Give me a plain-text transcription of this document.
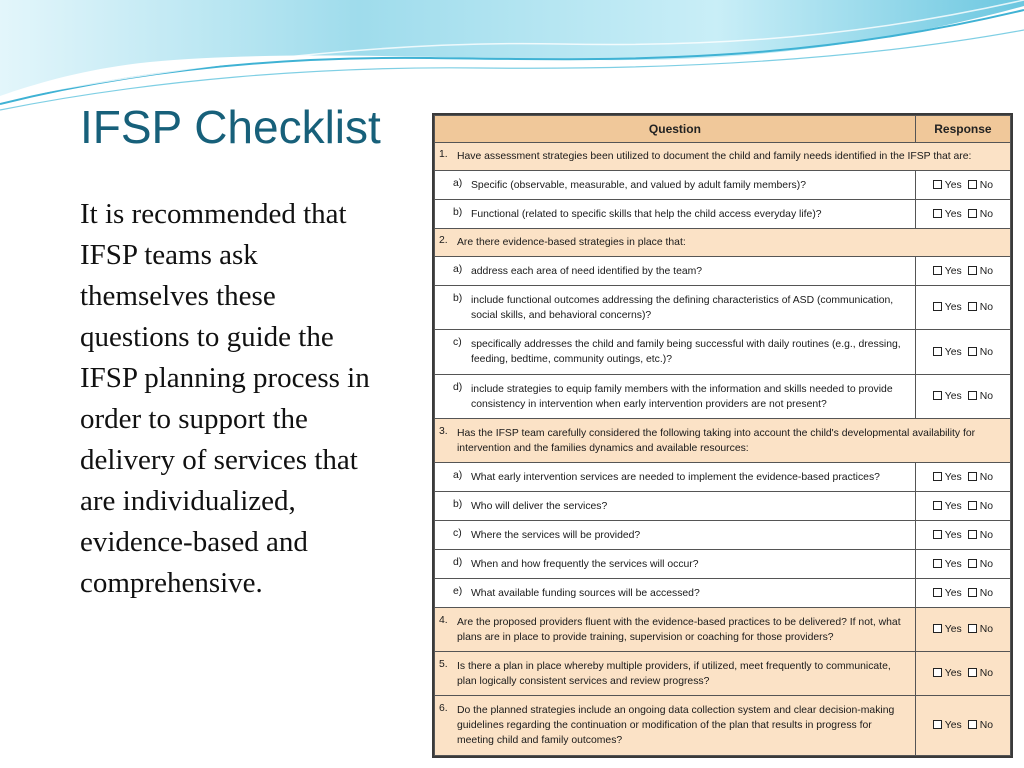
IFSP Checklist

It is recommended that IFSP teams ask themselves these questions to guide the IFSP planning process in order to support the delivery of services that are individualized, evidence-based and comprehensive.

Question	Response

1. Have assessment strategies been utilized to document the child and family needs identified in the IFSP that are:	

a) Specific (observable, measurable, and valued by adult family members)?	Yes No

b) Functional (related to specific skills that help the child access everyday life)?	Yes No

2. Are there evidence-based strategies in place that:	

a) address each area of need identified by the team?	Yes No

b) include functional outcomes addressing the defining characteristics of ASD (communication, social skills, and behavioral concerns)?	Yes No

c) specifically addresses the child and family being successful with daily routines (e.g., dressing, feeding, bedtime, community outings, etc.)?	Yes No

d) include strategies to equip family members with the information and skills needed to provide consistency in intervention when early intervention providers are not present?	Yes No

3. Has the IFSP team carefully considered the following taking into account the child's developmental availability for intervention and the families dynamics and available resources:	

a) What early intervention services are needed to implement the evidence-based practices?	Yes No

b) Who will deliver the services?	Yes No

c) Where the services will be provided?	Yes No

d) When and how frequently the services will occur?	Yes No

e) What available funding sources will be accessed?	Yes No

4. Are the proposed providers fluent with the evidence-based practices to be delivered? If not, what plans are in place to provide training, supervision or coaching for those providers?	Yes No

5. Is there a plan in place whereby multiple providers, if utilized, meet frequently to communicate, plan logically consistent services and review progress?	Yes No

6. Do the planned strategies include an ongoing data collection system and clear decision-making guidelines regarding the continuation or modification of the plan that results in progress for meeting child and family outcomes?	Yes No
